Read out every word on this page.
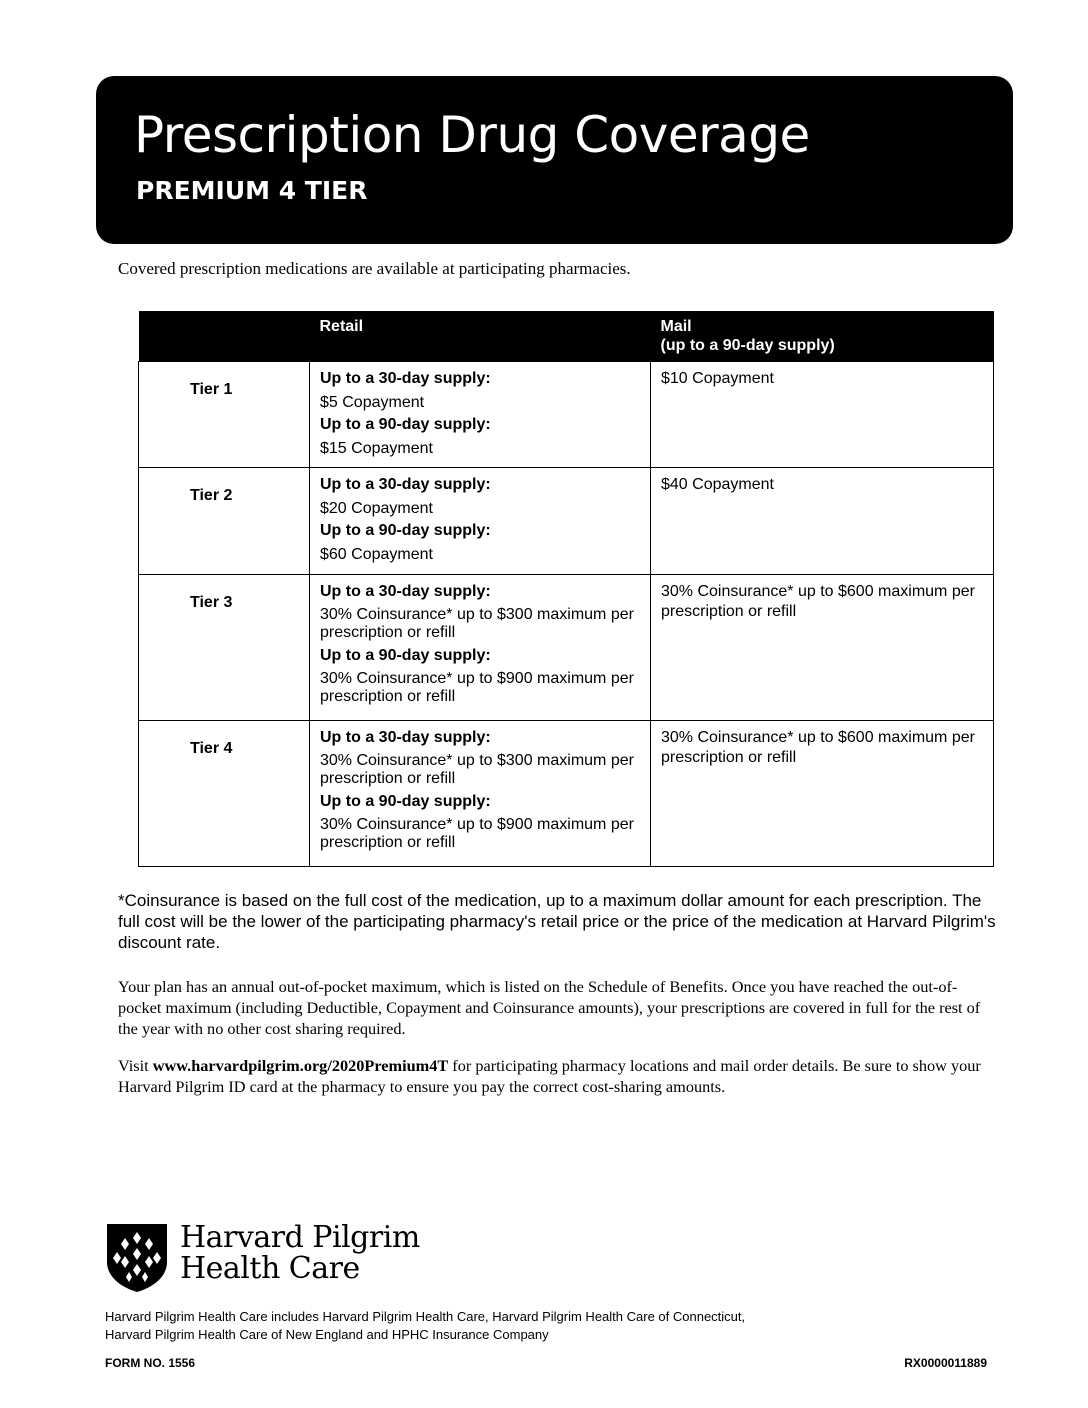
Prescription Drug Coverage
PREMIUM 4 TIER
Covered prescription medications are available at participating pharmacies.
	Retail	Mail
(up to a 90-day supply)
Tier 1	Up to a 30-day supply:
$5 Copayment
Up to a 90-day supply:
$15 Copayment	$10 Copayment
Tier 2	Up to a 30-day supply:
$20 Copayment
Up to a 90-day supply:
$60 Copayment	$40 Copayment
Tier 3	Up to a 30-day supply:
30% Coinsurance* up to $300 maximum per prescription or refill
Up to a 90-day supply:
30% Coinsurance* up to $900 maximum per prescription or refill	30% Coinsurance* up to $600 maximum per prescription or refill
Tier 4	Up to a 30-day supply:
30% Coinsurance* up to $300 maximum per prescription or refill
Up to a 90-day supply:
30% Coinsurance* up to $900 maximum per prescription or refill	30% Coinsurance* up to $600 maximum per prescription or refill
*Coinsurance is based on the full cost of the medication, up to a maximum dollar amount for each prescription. The full cost will be the lower of the participating pharmacy's retail price or the price of the medication at Harvard Pilgrim's discount rate.
Your plan has an annual out-of-pocket maximum, which is listed on the Schedule of Benefits. Once you have reached the out-of-pocket maximum (including Deductible, Copayment and Coinsurance amounts), your prescriptions are covered in full for the rest of the year with no other cost sharing required.
Visit www.harvardpilgrim.org/2020Premium4T for participating pharmacy locations and mail order details. Be sure to show your Harvard Pilgrim ID card at the pharmacy to ensure you pay the correct cost-sharing amounts.
Harvard Pilgrim
Health Care
Harvard Pilgrim Health Care includes Harvard Pilgrim Health Care, Harvard Pilgrim Health Care of Connecticut,
Harvard Pilgrim Health Care of New England and HPHC Insurance Company
FORM NO. 1556	RX0000011889
